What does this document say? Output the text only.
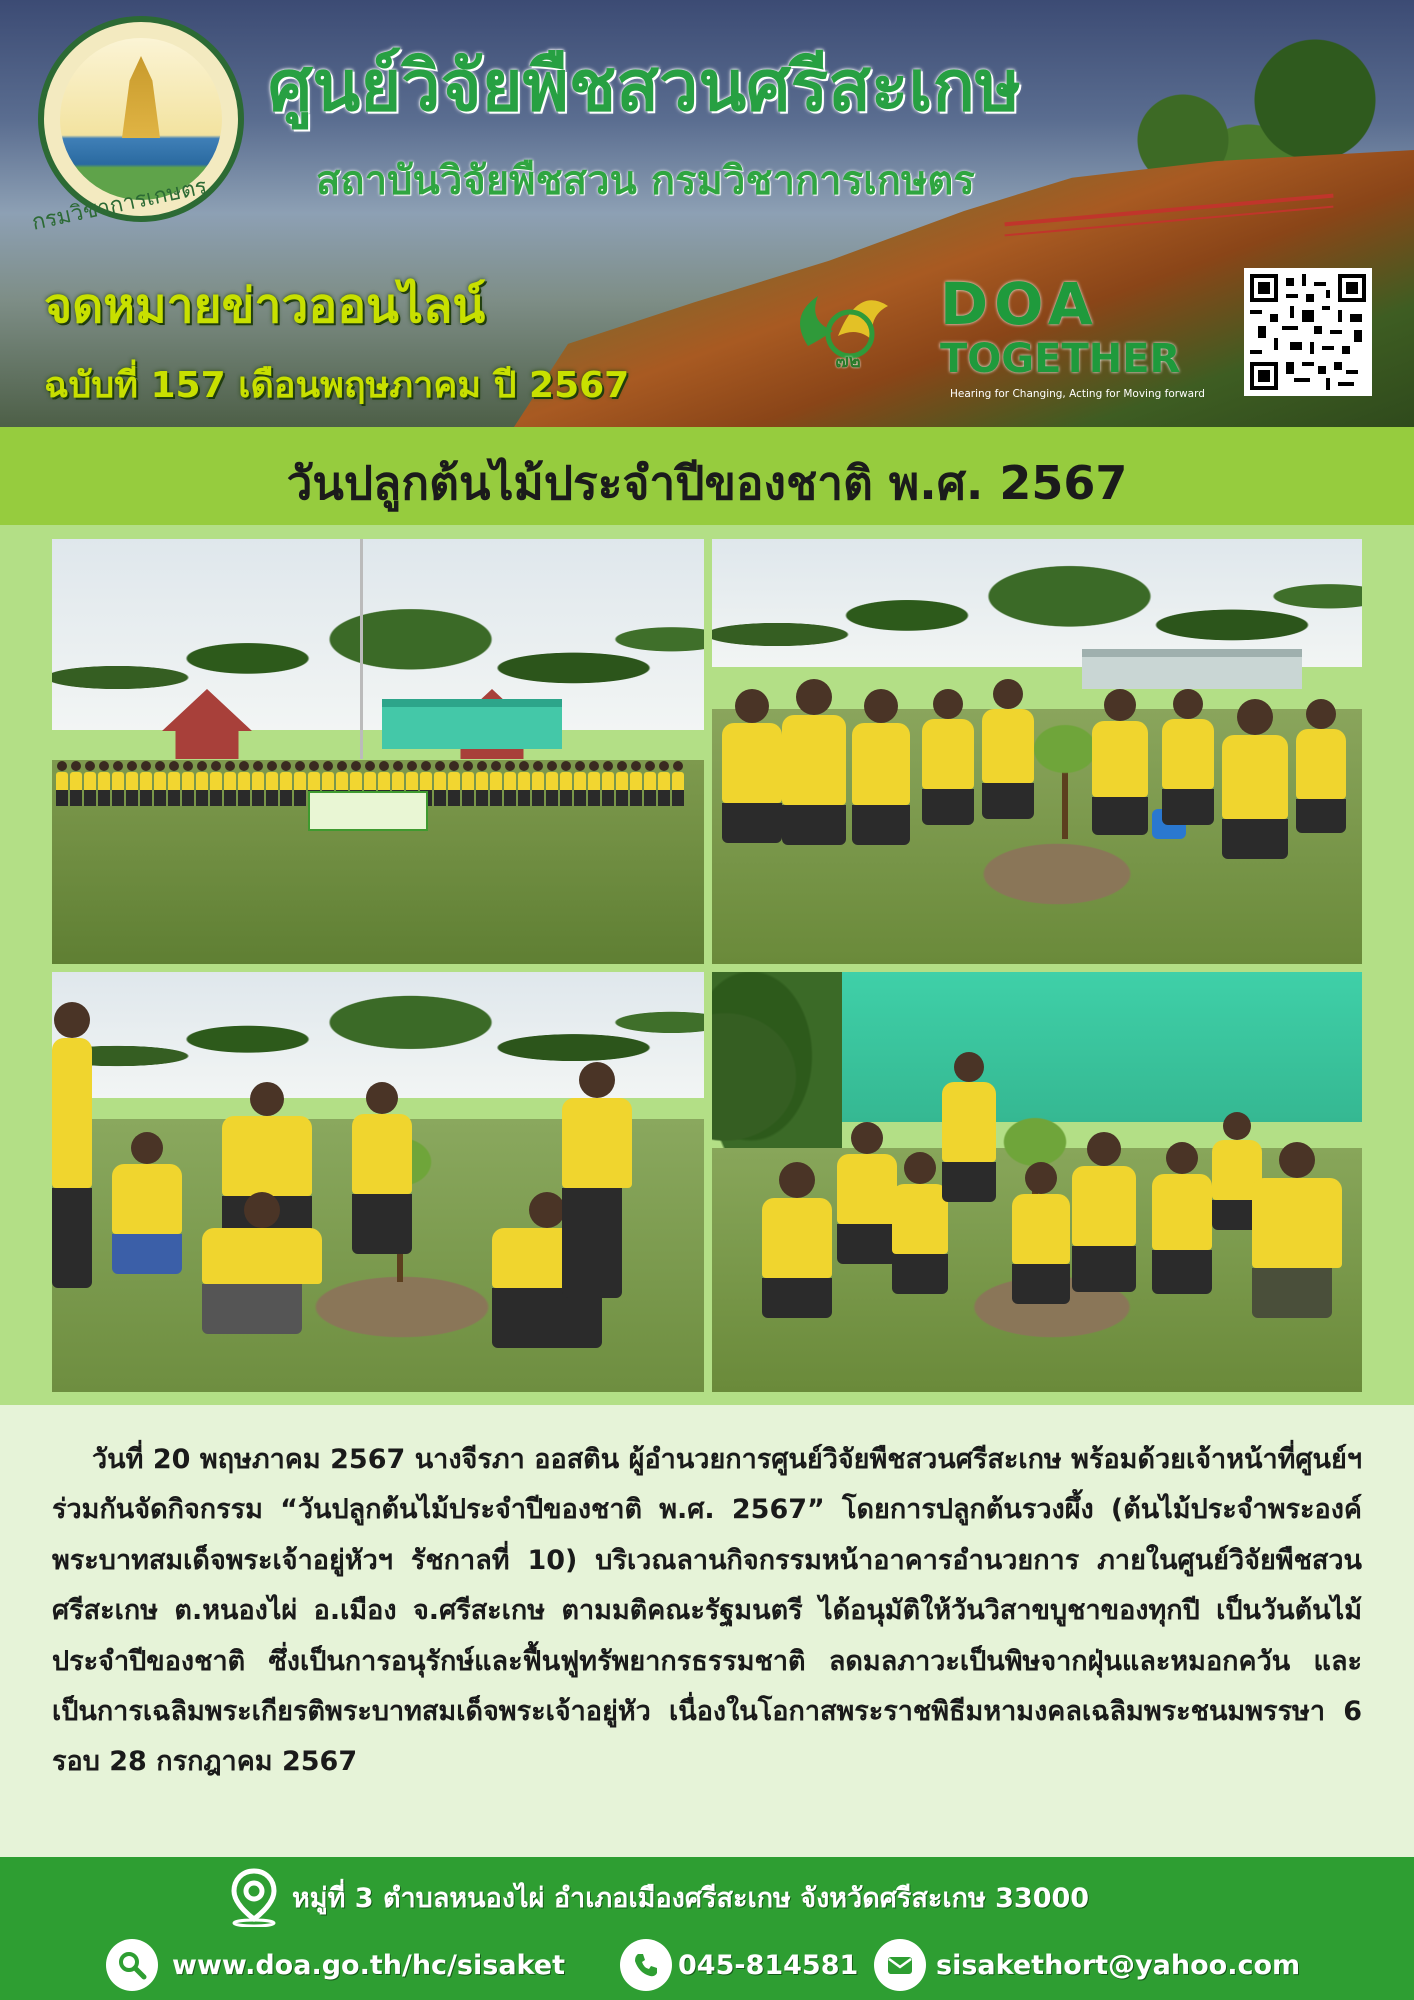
กรมวิชาการเกษตร
ศูนย์วิจัยพืชสวนศรีสะเกษ
สถาบันวิจัยพืชสวน กรมวิชาการเกษตร
จดหมายข่าวออนไลน์
ฉบับที่ 157 เดือนพฤษภาคม ปี 2567
๗๒
DOA
TOGETHER
Hearing for Changing, Acting for Moving forward
วันปลูกต้นไม้ประจำปีของชาติ พ.ศ. 2567
วันที่ 20 พฤษภาคม 2567 นางจีรภา ออสติน ผู้อำนวยการศูนย์วิจัยพืชสวนศรีสะเกษ พร้อมด้วยเจ้าหน้าที่ศูนย์ฯ ร่วมกันจัดกิจกรรม “วันปลูกต้นไม้ประจำปีของชาติ พ.ศ. 2567” โดยการปลูกต้นรวงผึ้ง (ต้นไม้ประจำพระองค์ พระบาทสมเด็จพระเจ้าอยู่หัวฯ รัชกาลที่ 10) บริเวณลานกิจกรรมหน้าอาคารอำนวยการ ภายในศูนย์วิจัยพืชสวนศรีสะเกษ ต.หนองไผ่ อ.เมือง จ.ศรีสะเกษ ตามมติคณะรัฐมนตรี ได้อนุมัติให้วันวิสาขบูชาของทุกปี เป็นวันต้นไม้ประจำปีของชาติ ซึ่งเป็นการอนุรักษ์และฟื้นฟูทรัพยากรธรรมชาติ ลดมลภาวะเป็นพิษจากฝุ่นและหมอกควัน และเป็นการเฉลิมพระเกียรติพระบาทสมเด็จพระเจ้าอยู่หัว เนื่องในโอกาสพระราชพิธีมหามงคลเฉลิมพระชนมพรรษา 6 รอบ 28 กรกฎาคม 2567
หมู่ที่ 3 ตำบลหนองไผ่ อำเภอเมืองศรีสะเกษ จังหวัดศรีสะเกษ 33000
www.doa.go.th/hc/sisaket	045-814581	sisakethort@yahoo.com
